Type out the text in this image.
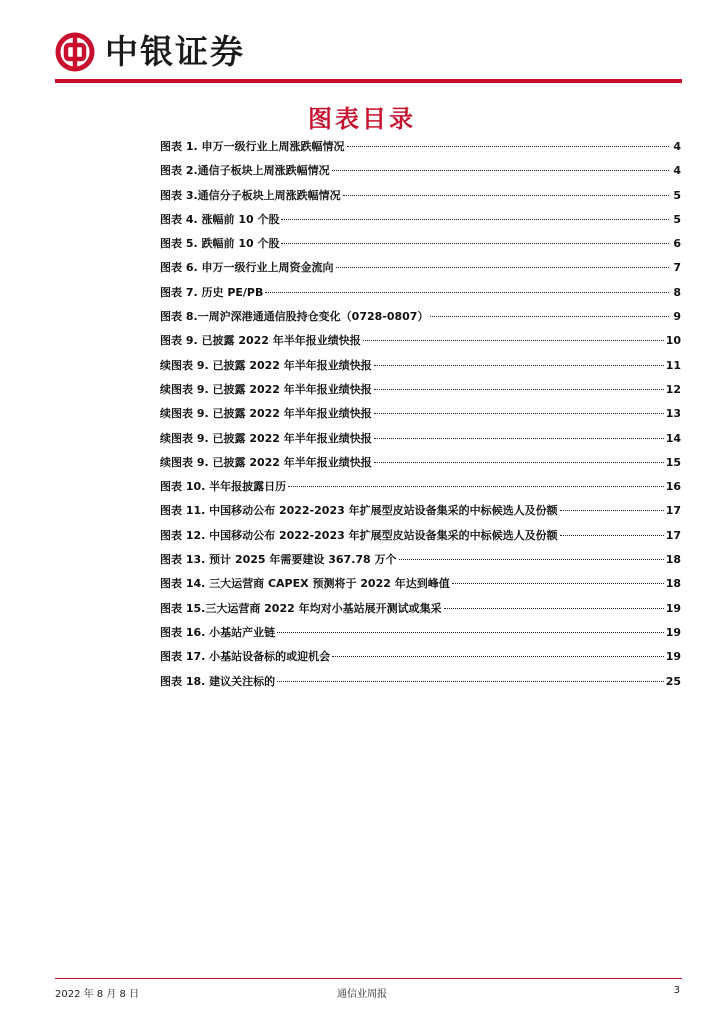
中银证券
图表目录
图表 1. 申万一级行业上周涨跌幅情况	4
图表 2.通信子板块上周涨跌幅情况	4
图表 3.通信分子板块上周涨跌幅情况	5
图表 4. 涨幅前 10 个股	5
图表 5. 跌幅前 10 个股	6
图表 6. 申万一级行业上周资金流向	7
图表 7. 历史 PE/PB	8
图表 8.一周沪深港通通信股持仓变化（0728-0807）	9
图表 9. 已披露 2022 年半年报业绩快报	10
续图表 9. 已披露 2022 年半年报业绩快报	11
续图表 9. 已披露 2022 年半年报业绩快报	12
续图表 9. 已披露 2022 年半年报业绩快报	13
续图表 9. 已披露 2022 年半年报业绩快报	14
续图表 9. 已披露 2022 年半年报业绩快报	15
图表 10. 半年报披露日历	16
图表 11. 中国移动公布 2022-2023 年扩展型皮站设备集采的中标候选人及份额	17
图表 12. 中国移动公布 2022-2023 年扩展型皮站设备集采的中标候选人及份额	17
图表 13. 预计 2025 年需要建设 367.78 万个	18
图表 14. 三大运营商 CAPEX 预测将于 2022 年达到峰值	18
图表 15.三大运营商 2022 年均对小基站展开测试或集采	19
图表 16. 小基站产业链	19
图表 17. 小基站设备标的或迎机会	19
图表 18. 建议关注标的	25
2022 年 8 月 8 日	通信业周报	3
